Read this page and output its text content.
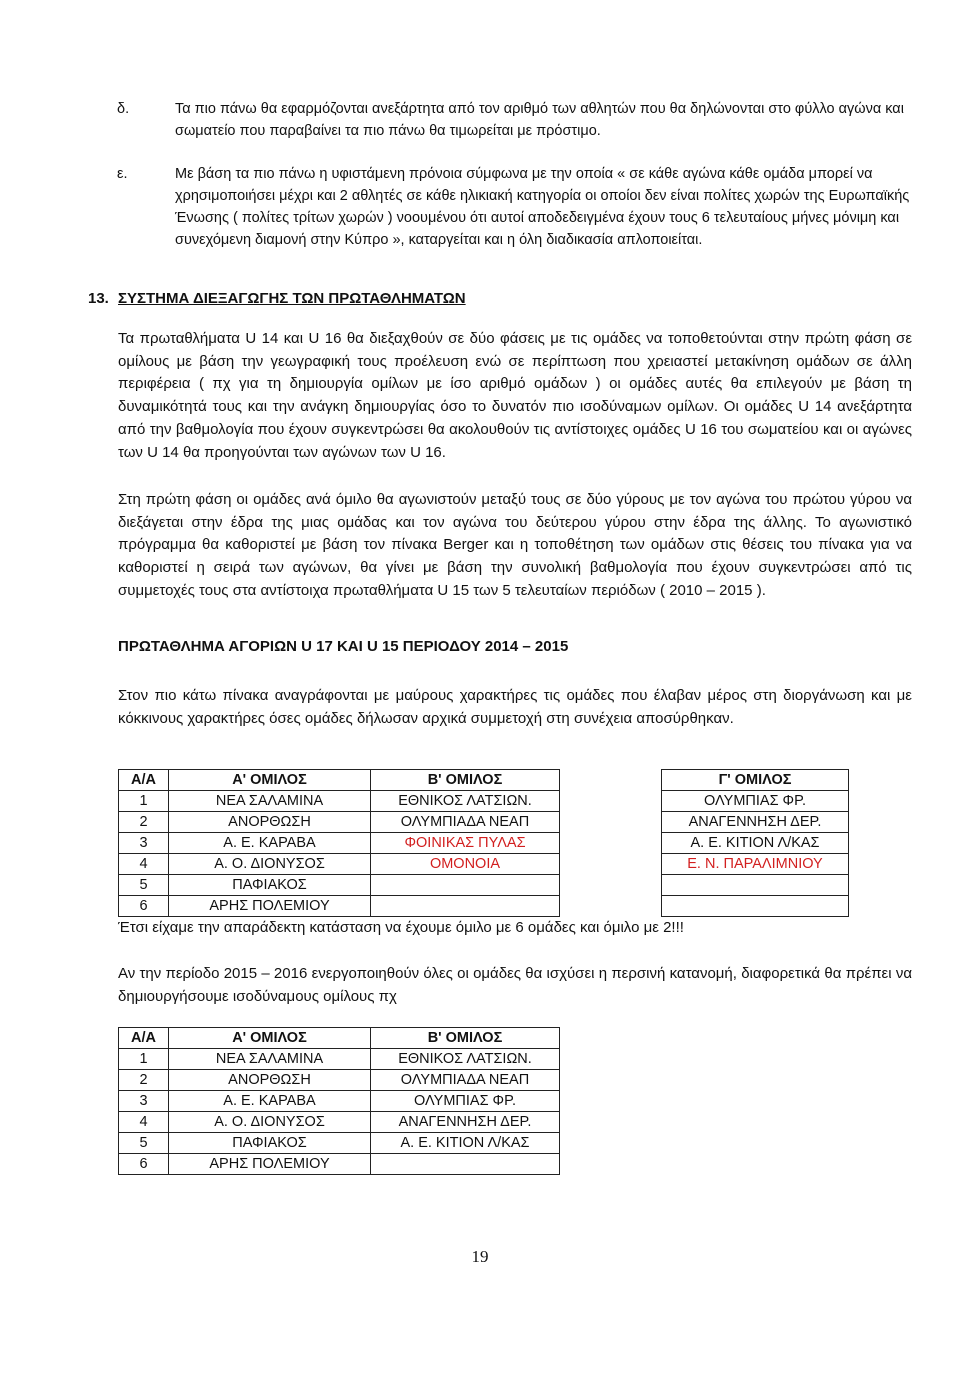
δ.	Τα πιο πάνω θα εφαρμόζονται ανεξάρτητα από τον αριθμό των αθλητών που θα δηλώνονται στο φύλλο αγώνα και σωματείο που παραβαίνει τα πιο πάνω θα τιμωρείται με πρόστιμο.
ε.	Με βάση τα πιο πάνω η υφιστάμενη πρόνοια σύμφωνα με την οποία « σε κάθε αγώνα κάθε ομάδα μπορεί να χρησιμοποιήσει μέχρι και 2 αθλητές σε κάθε ηλικιακή κατηγορία οι οποίοι δεν είναι πολίτες χωρών της Ευρωπαϊκής Ένωσης ( πολίτες τρίτων χωρών ) νοουμένου ότι αυτοί αποδεδειγμένα έχουν τους 6 τελευταίους μήνες μόνιμη και συνεχόμενη διαμονή στην Κύπρο », καταργείται και η όλη διαδικασία απλοποιείται.
13. ΣΥΣΤΗΜΑ ΔΙΕΞΑΓΩΓΗΣ ΤΩΝ ΠΡΩΤΑΘΛΗΜΑΤΩΝ
Τα πρωταθλήματα U 14 και U 16 θα διεξαχθούν σε δύο φάσεις με τις ομάδες να τοποθετούνται στην πρώτη φάση σε ομίλους με βάση την γεωγραφική τους προέλευση ενώ σε περίπτωση που χρειαστεί μετακίνηση ομάδων σε άλλη περιφέρεια ( πχ για τη δημιουργία ομίλων με ίσο αριθμό ομάδων ) οι ομάδες αυτές θα επιλεγούν με βάση τη δυναμικότητά τους και την ανάγκη δημιουργίας όσο το δυνατόν πιο ισοδύναμων ομίλων. Οι ομάδες U 14 ανεξάρτητα από την βαθμολογία που έχουν συγκεντρώσει θα ακολουθούν τις αντίστοιχες ομάδες U 16 του σωματείου και οι αγώνες των U 14 θα προηγούνται των αγώνων των U 16.
Στη πρώτη φάση οι ομάδες ανά όμιλο θα αγωνιστούν μεταξύ τους σε δύο γύρους με τον αγώνα του πρώτου γύρου να διεξάγεται στην έδρα της μιας ομάδας και τον αγώνα του δεύτερου γύρου στην έδρα της άλλης. Το αγωνιστικό πρόγραμμα θα καθοριστεί με βάση τον πίνακα Berger και η τοποθέτηση των ομάδων στις θέσεις του πίνακα για να καθοριστεί η σειρά των αγώνων, θα γίνει με βάση την συνολική βαθμολογία που έχουν συγκεντρώσει από τις συμμετοχές τους στα αντίστοιχα πρωταθλήματα U 15 των 5 τελευταίων περιόδων ( 2010 – 2015 ).
ΠΡΩΤΑΘΛΗΜΑ ΑΓΟΡΙΩΝ U 17 ΚΑΙ U 15 ΠΕΡΙΟΔΟΥ 2014 – 2015
Στον πιο κάτω πίνακα αναγράφονται με μαύρους χαρακτήρες τις ομάδες που έλαβαν μέρος στη διοργάνωση και με κόκκινους χαρακτήρες όσες ομάδες δήλωσαν αρχικά συμμετοχή στη συνέχεια αποσύρθηκαν.
Α/Α	Α' ΟΜΙΛΟΣ	Β' ΟΜΙΛΟΣ		Γ' ΟΜΙΛΟΣ
1	ΝΕΑ ΣΑΛΑΜΙΝΑ	ΕΘΝΙΚΟΣ ΛΑΤΣΙΩΝ.		ΟΛΥΜΠΙΑΣ ΦΡ.
2	ΑΝΟΡΘΩΣΗ	ΟΛΥΜΠΙΑΔΑ ΝΕΑΠ		ΑΝΑΓΕΝΝΗΣΗ ΔΕΡ.
3	Α. Ε. ΚΑΡΑΒΑ	ΦΟΙΝΙΚΑΣ ΠΥΛΑΣ		Α. Ε. ΚΙΤΙΟΝ Λ/ΚΑΣ
4	Α. Ο. ΔΙΟΝΥΣΟΣ	ΟΜΟΝΟΙΑ		Ε. Ν. ΠΑΡΑΛΙΜΝΙΟΥ
5	ΠΑΦΙΑΚΟΣ			
6	ΑΡΗΣ ΠΟΛΕΜΙΟΥ			
Έτσι είχαμε την απαράδεκτη κατάσταση να έχουμε όμιλο με 6 ομάδες και όμιλο με 2!!!
Αν την περίοδο 2015 – 2016 ενεργοποιηθούν όλες οι ομάδες θα ισχύσει η περσινή κατανομή, διαφορετικά θα πρέπει να δημιουργήσουμε ισοδύναμους ομίλους πχ
Α/Α	Α' ΟΜΙΛΟΣ	Β' ΟΜΙΛΟΣ
1	ΝΕΑ ΣΑΛΑΜΙΝΑ	ΕΘΝΙΚΟΣ ΛΑΤΣΙΩΝ.
2	ΑΝΟΡΘΩΣΗ	ΟΛΥΜΠΙΑΔΑ ΝΕΑΠ
3	Α. Ε. ΚΑΡΑΒΑ	ΟΛΥΜΠΙΑΣ ΦΡ.
4	Α. Ο. ΔΙΟΝΥΣΟΣ	ΑΝΑΓΕΝΝΗΣΗ ΔΕΡ.
5	ΠΑΦΙΑΚΟΣ	Α. Ε. ΚΙΤΙΟΝ Λ/ΚΑΣ
6	ΑΡΗΣ ΠΟΛΕΜΙΟΥ	
19
